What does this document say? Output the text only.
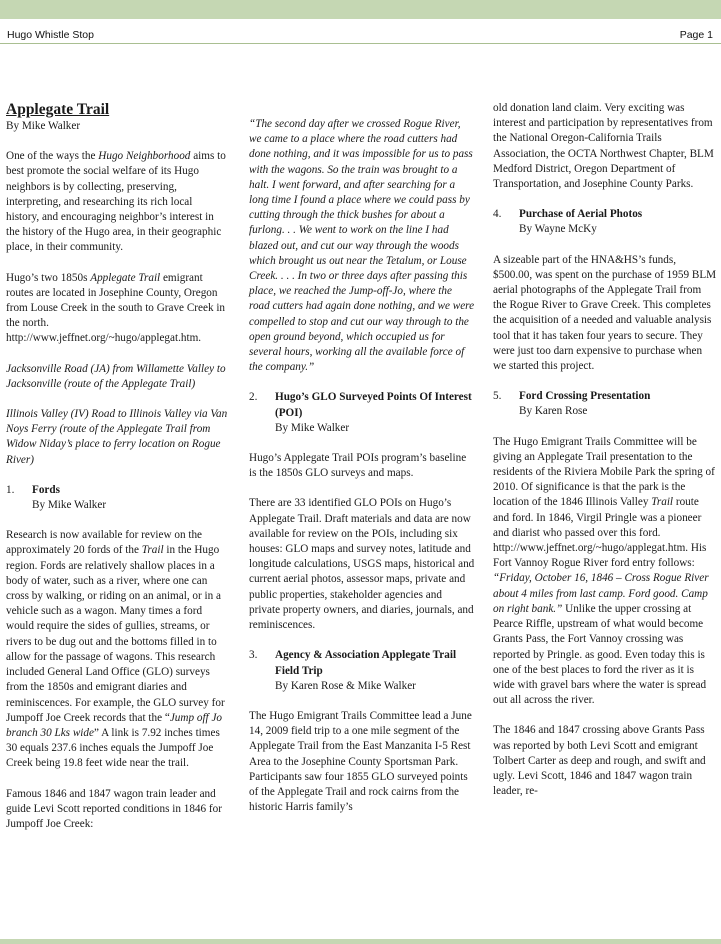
Hugo Whistle Stop	Page 1
Applegate Trail
By Mike Walker
One of the ways the Hugo Neighborhood aims to best promote the social welfare of its Hugo neighbors is by collecting, preserving, interpreting, and researching its rich local history, and encouraging neighbor’s interest in the history of the Hugo area, in their geographic place, in their community.
Hugo’s two 1850s Applegate Trail emigrant routes are located in Josephine County, Oregon from Louse Creek in the south to Grave Creek in the north. http://www.jeffnet.org/~hugo/applegat.htm.
Jacksonville Road (JA) from Willamette Valley to Jacksonville (route of the Applegate Trail)
Illinois Valley (IV) Road to Illinois Valley via Van Noys Ferry (route of the Applegate Trail from Widow Niday’s place to ferry location on Rogue River)
1.	Fords
By Mike Walker
Research is now available for review on the approximately 20 fords of the Trail in the Hugo region. Fords are relatively shallow places in a body of water, such as a river, where one can cross by walking, or riding on an animal, or in a vehicle such as a wagon. Many times a ford would require the sides of gullies, streams, or rivers to be dug out and the bottoms filled in to allow for the passage of wagons. This research included General Land Office (GLO) surveys from the 1850s and emigrant diaries and reminiscences. For example, the GLO survey for Jumpoff Joe Creek records that the “Jump off Jo branch 30 Lks wide” A link is 7.92 inches times 30 equals 237.6 inches equals the Jumpoff Joe Creek being 19.8 feet wide near the trail.
Famous 1846 and 1847 wagon train leader and guide Levi Scott reported conditions in 1846 for Jumpoff Joe Creek:
“The second day after we crossed Rogue River, we came to a place where the road cutters had done nothing, and it was impossible for us to pass with the wagons. So the train was brought to a halt. I went forward, and after searching for a long time I found a place where we could pass by cutting through the thick bushes for about a furlong. . . We went to work on the line I had blazed out, and cut our way through the woods which brought us out near the Tetalum, or Louse Creek. . . . In two or three days after passing this place, we reached the Jump-off-Jo, where the road cutters had again done nothing, and we were compelled to stop and cut our way through to the open ground beyond, which occupied us for several hours, working all the available force of the company.”
2.	Hugo’s GLO Surveyed Points Of Interest (POI)
By Mike Walker
Hugo’s Applegate Trail POIs program’s baseline is the 1850s GLO surveys and maps.
There are 33 identified GLO POIs on Hugo’s Applegate Trail. Draft materials and data are now available for review on the POIs, including six houses: GLO maps and survey notes, latitude and longitude calculations, USGS maps, historical and current aerial photos, assessor maps, private and public properties, stakeholder agencies and private property owners, and diaries, journals, and reminiscences.
3.	Agency & Association Applegate Trail Field Trip
By Karen Rose & Mike Walker
The Hugo Emigrant Trails Committee lead a June 14, 2009 field trip to a one mile segment of the Applegate Trail from the East Manzanita I-5 Rest Area to the Josephine County Sportsman Park. Participants saw four 1855 GLO surveyed points of the Applegate Trail and rock cairns from the historic Harris family’s
old donation land claim. Very exciting was interest and participation by representatives from the National Oregon-California Trails Association, the OCTA Northwest Chapter, BLM Medford District, Oregon Department of Transportation, and Josephine County Parks.
4.	Purchase of Aerial Photos
By Wayne McKy
A sizeable part of the HNA&HS’s funds, $500.00, was spent on the purchase of 1959 BLM aerial photographs of the Applegate Trail from the Rogue River to Grave Creek. This completes the acquisition of a needed and valuable analysis tool that it has taken four years to secure. They were just too darn expensive to purchase when we started this project.
5.	Ford Crossing Presentation
By Karen Rose
The Hugo Emigrant Trails Committee will be giving an Applegate Trail presentation to the residents of the Riviera Mobile Park the spring of 2010. Of significance is that the park is the location of the 1846 Illinois Valley Trail route and ford. In 1846, Virgil Pringle was a pioneer and diarist who passed over this ford. http://www.jeffnet.org/~hugo/applegat.htm. His Fort Vannoy Rogue River ford entry follows: “Friday, October 16, 1846 – Cross Rogue River about 4 miles from last camp. Ford good. Camp on right bank.” Unlike the upper crossing at Pearce Riffle, upstream of what would become Grants Pass, the Fort Vannoy crossing was reported by Pringle. as good. Even today this is one of the best places to ford the river as it is wide with gravel bars where the water is spread out all across the river.
The 1846 and 1847 crossing above Grants Pass was reported by both Levi Scott and emigrant Tolbert Carter as deep and rough, and swift and ugly. Levi Scott, 1846 and 1847 wagon train leader, re-
